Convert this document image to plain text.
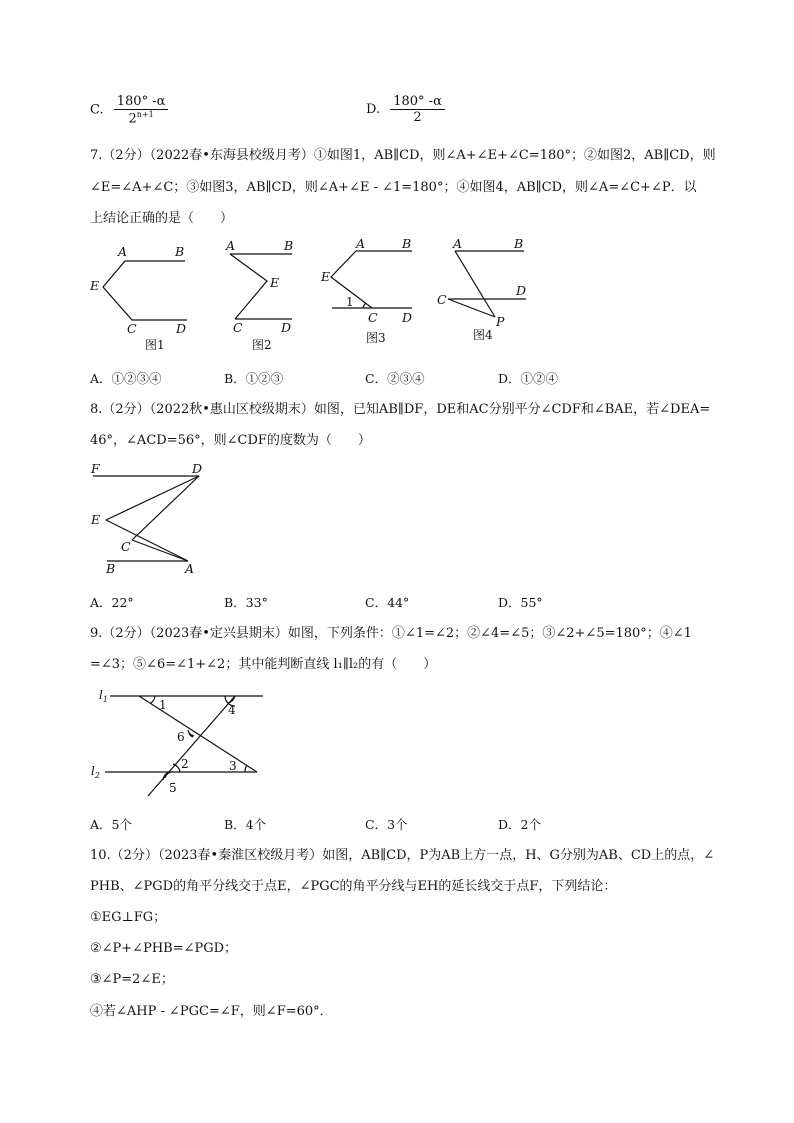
C. $\frac{180^\circ -\alpha}{2^{n+1}}$	D. $\frac{180^\circ -\alpha}{2}$
7.（2分）（2022春•东海县校级月考）①如图1，AB∥CD，则∠A+∠E+∠C=180°；②如图2，AB∥CD，则
∠E=∠A+∠C；③如图3，AB∥CD，则∠A+∠E - ∠1=180°；④如图4，AB∥CD，则∠A=∠C+∠P．以
上结论正确的是（　　）
A	B
E
C	D
A	B
E
C	D
A	B
E
C D
A	B
C
D
P
1
图1	图2	图3	图4
A．①②③④	B．①②③	C．②③④	D．①②④
8.（2分）（2022秋•惠山区校级期末）如图，已知AB∥DF，DE和AC分别平分∠CDF和∠BAE，若∠DEA=
46°，∠ACD=56°，则∠CDF的度数为（　　）
F	D
E
C
B	A
A．22°	B．33°	C．44°	D．55°
9.（2分）（2023春•定兴县期末）如图，下列条件：①∠1=∠2；②∠4=∠5；③∠2+∠5=180°；④∠1
=∠3；⑤∠6=∠1+∠2；其中能判断直线 l₁∥l₂的有（　　）
$l_1$
$l_2$
1	4
6
2	3
5
A．5个	B．4个	C．3个	D．2个
10.（2分）（2023春•秦淮区校级月考）如图，AB∥CD，P为AB上方一点，H、G分别为AB、CD上的点，∠
PHB、∠PGD的角平分线交于点E，∠PGC的角平分线与EH的延长线交于点F，下列结论：
①EG⊥FG；
②∠P+∠PHB=∠PGD；
③∠P=2∠E；
④若∠AHP - ∠PGC=∠F，则∠F=60°．
